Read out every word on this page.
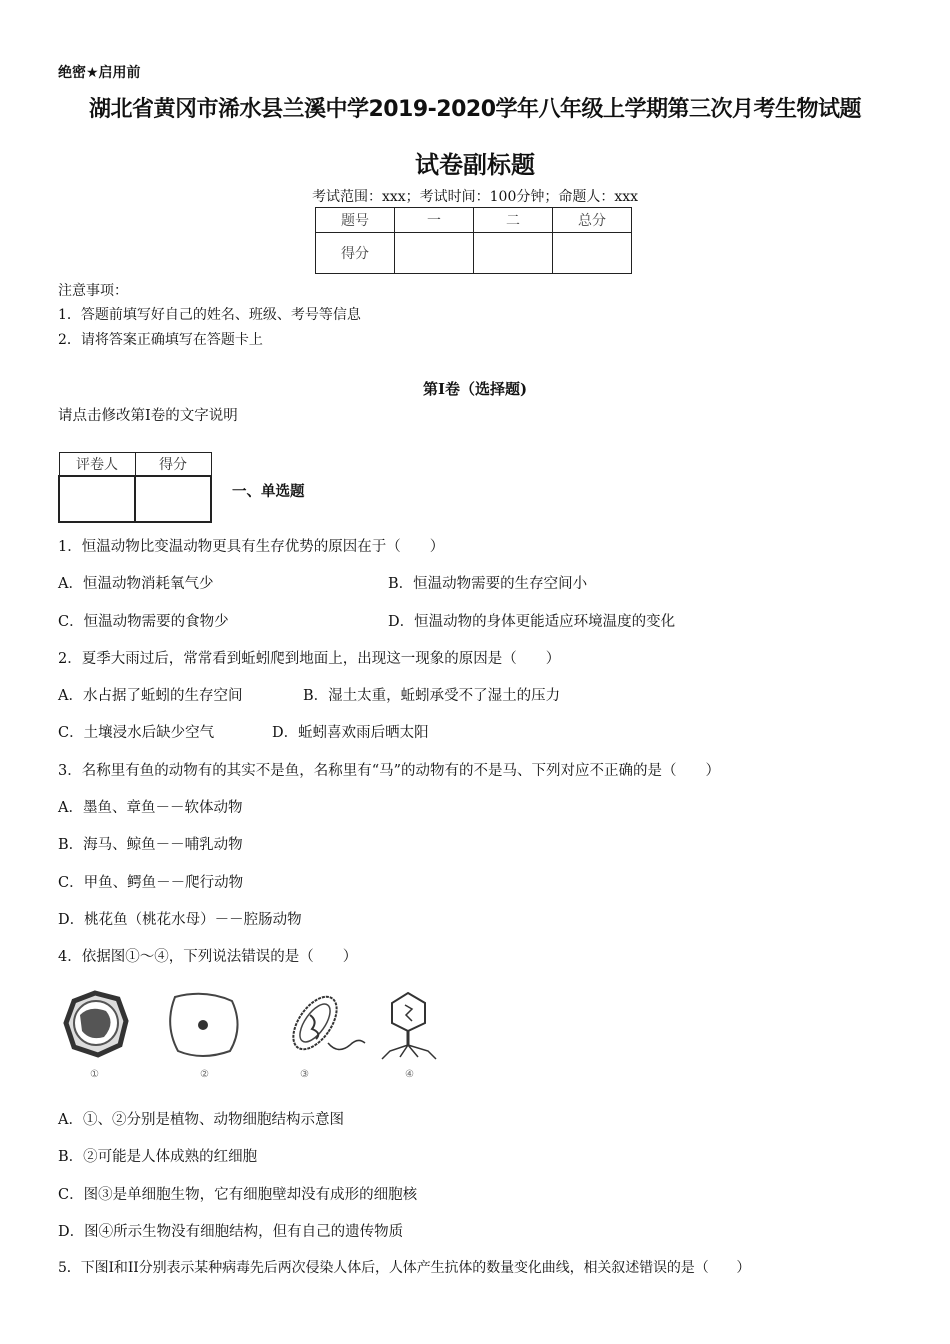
绝密★启用前
湖北省黄冈市浠水县兰溪中学2019-2020学年八年级上学期第三次月考生物试题
试卷副标题
考试范围：xxx；考试时间：100分钟；命题人：xxx
题号	一	二	总分
得分			
注意事项：
1．答题前填写好自己的姓名、班级、考号等信息
2．请将答案正确填写在答题卡上
第I卷（选择题)
请点击修改第I卷的文字说明
评卷人	得分

一、单选题
1．恒温动物比变温动物更具有生存优势的原因在于（　　）
A．恒温动物消耗氧气少	B．恒温动物需要的生存空间小
C．恒温动物需要的食物少	D．恒温动物的身体更能适应环境温度的变化
2．夏季大雨过后，常常看到蚯蚓爬到地面上，出现这一现象的原因是（　　）
A．水占据了蚯蚓的生存空间	B．湿土太重，蚯蚓承受不了湿土的压力
C．土壤浸水后缺少空气	D．蚯蚓喜欢雨后晒太阳
3．名称里有鱼的动物有的其实不是鱼，名称里有“马”的动物有的不是马、下列对应不正确的是（　　）
A．墨鱼、章鱼－－软体动物
B．海马、鲸鱼－－哺乳动物
C．甲鱼、鳄鱼－－爬行动物
D．桃花鱼（桃花水母）－－腔肠动物
4．依据图①～④，下列说法错误的是（　　）
①	②	③	④
A．①、②分别是植物、动物细胞结构示意图
B．②可能是人体成熟的红细胞
C．图③是单细胞生物，它有细胞壁却没有成形的细胞核
D．图④所示生物没有细胞结构，但有自己的遗传物质
5．下图I和II分别表示某种病毒先后两次侵染人体后，人体产生抗体的数量变化曲线，相关叙述错误的是（　　）
